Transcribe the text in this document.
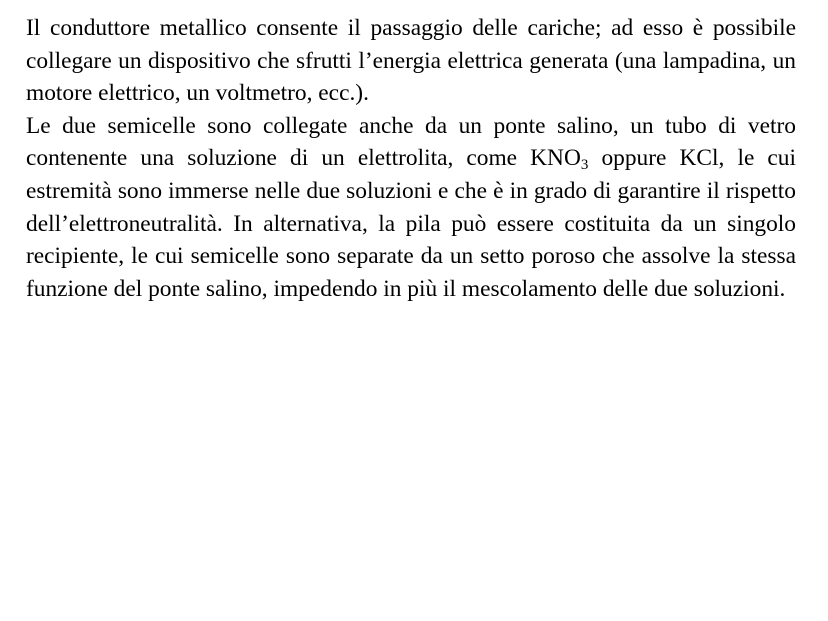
Il conduttore metallico consente il passaggio delle cariche; ad esso è possibile collegare un dispositivo che sfrutti l’energia elettrica generata (una lampadina, un motore elettrico, un voltmetro, ecc.).

Le due semicelle sono collegate anche da un ponte salino, un tubo di vetro contenente una soluzione di un elettrolita, come $KNO_3$ oppure KCl, le cui estremità sono immerse nelle due soluzioni e che è in grado di garantire il rispetto dell’elettroneutralità. In alternativa, la pila può essere costituita da un singolo recipiente, le cui semicelle sono separate da un setto poroso che assolve la stessa funzione del ponte salino, impedendo in più il mescolamento delle due soluzioni.
